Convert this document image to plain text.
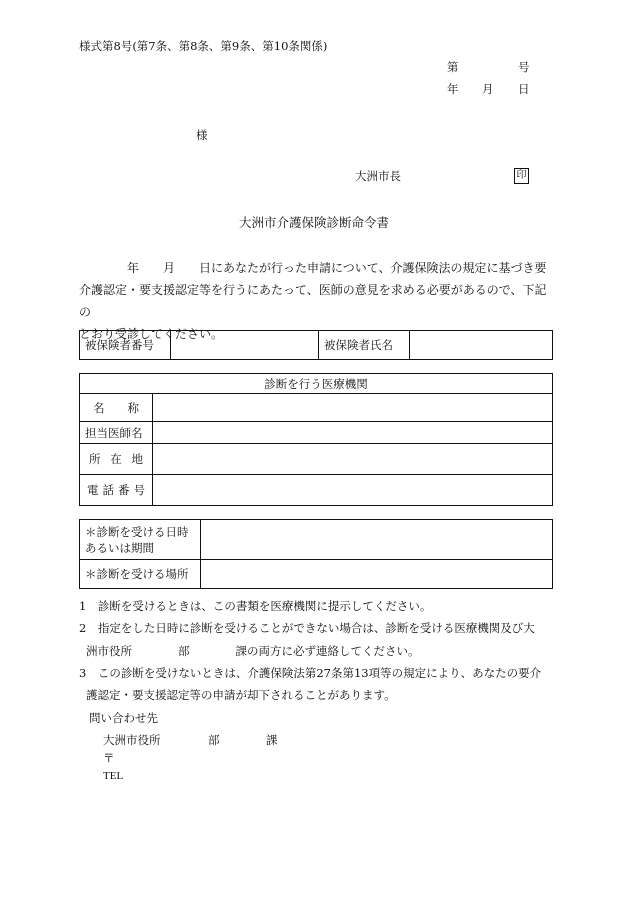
様式第8号(第7条、第8条、第9条、第10条関係)
第	号
年 月 日
様
大洲市長	印
大洲市介護保険診断命令書
　　　　年　　月　　日にあなたが行った申請について、介護保険法の規定に基づき要
介護認定・要支援認定等を行うにあたって、医師の意見を求める必要があるので、下記の
とおり受診してください。
被保険者番号		被保険者氏名	
診断を行う医療機関	

名 称	

担当医師名	

所 在 地	

電 話 番 号	

＊診断を受ける日時
あるいは期間	

＊診断を受ける場所	
1　診断を受けるときは、この書類を医療機関に提示してください。
2　指定をした日時に診断を受けることができない場合は、診断を受ける医療機関及び大
洲市役所　　　　部　　　　課の両方に必ず連絡してください。
3　この診断を受けないときは、介護保険法第27条第13項等の規定により、あなたの要介
護認定・要支援認定等の申請が却下されることがあります。
問い合わせ先
大洲市役所	部	課
〒
TEL
